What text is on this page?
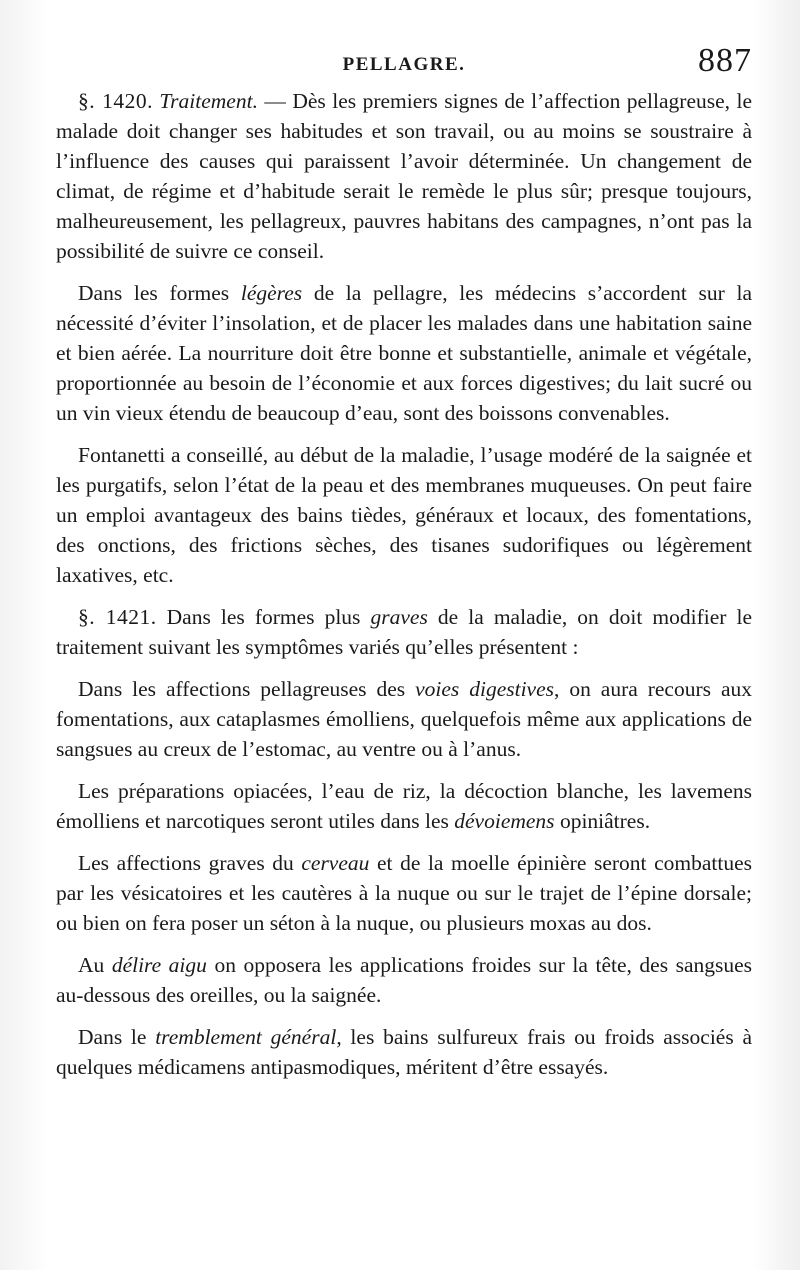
PELLAGRE.	887

§. 1420. Traitement. — Dès les premiers signes de l’affection pellagreuse, le malade doit changer ses habitudes et son travail, ou au moins se soustraire à l’influence des causes qui paraissent l’avoir déterminée. Un changement de climat, de régime et d’habitude serait le remède le plus sûr; presque toujours, malheureusement, les pellagreux, pauvres habitans des campagnes, n’ont pas la possibilité de suivre ce conseil.

Dans les formes légères de la pellagre, les médecins s’accordent sur la nécessité d’éviter l’insolation, et de placer les malades dans une habitation saine et bien aérée. La nourriture doit être bonne et substantielle, animale et végétale, proportionnée au besoin de l’économie et aux forces digestives; du lait sucré ou un vin vieux étendu de beaucoup d’eau, sont des boissons convenables.

Fontanetti a conseillé, au début de la maladie, l’usage modéré de la saignée et les purgatifs, selon l’état de la peau et des membranes muqueuses. On peut faire un emploi avantageux des bains tièdes, généraux et locaux, des fomentations, des onctions, des frictions sèches, des tisanes sudorifiques ou légèrement laxatives, etc.

§. 1421. Dans les formes plus graves de la maladie, on doit modifier le traitement suivant les symptômes variés qu’elles présentent :

Dans les affections pellagreuses des voies digestives, on aura recours aux fomentations, aux cataplasmes émolliens, quelquefois même aux applications de sangsues au creux de l’estomac, au ventre ou à l’anus.

Les préparations opiacées, l’eau de riz, la décoction blanche, les lavemens émolliens et narcotiques seront utiles dans les dévoiemens opiniâtres.

Les affections graves du cerveau et de la moelle épinière seront combattues par les vésicatoires et les cautères à la nuque ou sur le trajet de l’épine dorsale; ou bien on fera poser un séton à la nuque, ou plusieurs moxas au dos.

Au délire aigu on opposera les applications froides sur la tête, des sangsues au-dessous des oreilles, ou la saignée.

Dans le tremblement général, les bains sulfureux frais ou froids associés à quelques médicamens antipasmodiques, méritent d’être essayés.
